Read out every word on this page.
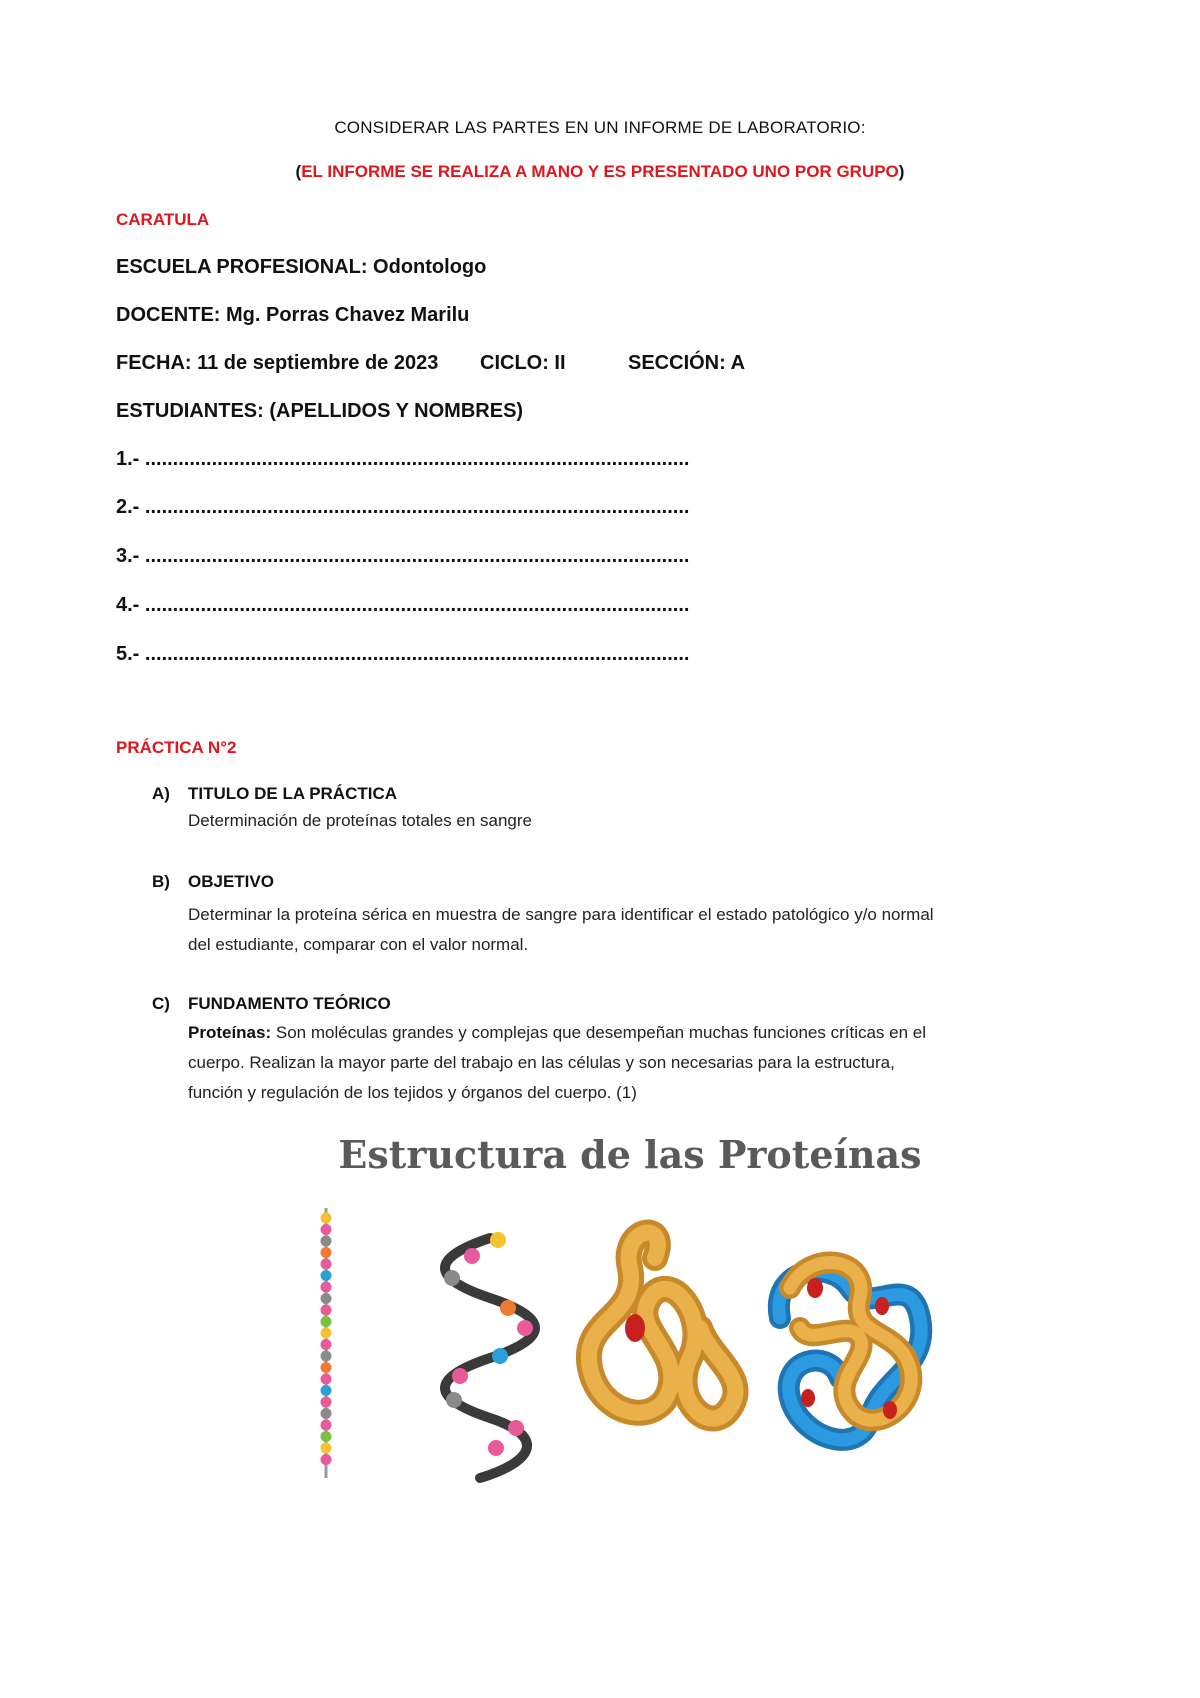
CONSIDERAR LAS PARTES EN UN INFORME DE LABORATORIO:
(EL INFORME SE REALIZA A MANO Y ES PRESENTADO UNO POR GRUPO)
CARATULA
ESCUELA PROFESIONAL: Odontologo
DOCENTE: Mg. Porras Chavez Marilu
FECHA: 11 de septiembre de 2023 CICLO: II	SECCIÓN: A
ESTUDIANTES: (APELLIDOS Y NOMBRES)
1.- ..................................................................................................
2.- ..................................................................................................
3.- ..................................................................................................
4.- ..................................................................................................
5.- ..................................................................................................
PRÁCTICA N°2
A) TITULO DE LA PRÁCTICA
Determinación de proteínas totales en sangre
B) OBJETIVO
Determinar la proteína sérica en muestra de sangre para identificar el estado patológico y/o normal
del estudiante, comparar con el valor normal.
C) FUNDAMENTO TEÓRICO
Proteínas: Son moléculas grandes y complejas que desempeñan muchas funciones críticas en el
cuerpo. Realizan la mayor parte del trabajo en las células y son necesarias para la estructura,
función y regulación de los tejidos y órganos del cuerpo. (1)
Estructura de las Proteínas
